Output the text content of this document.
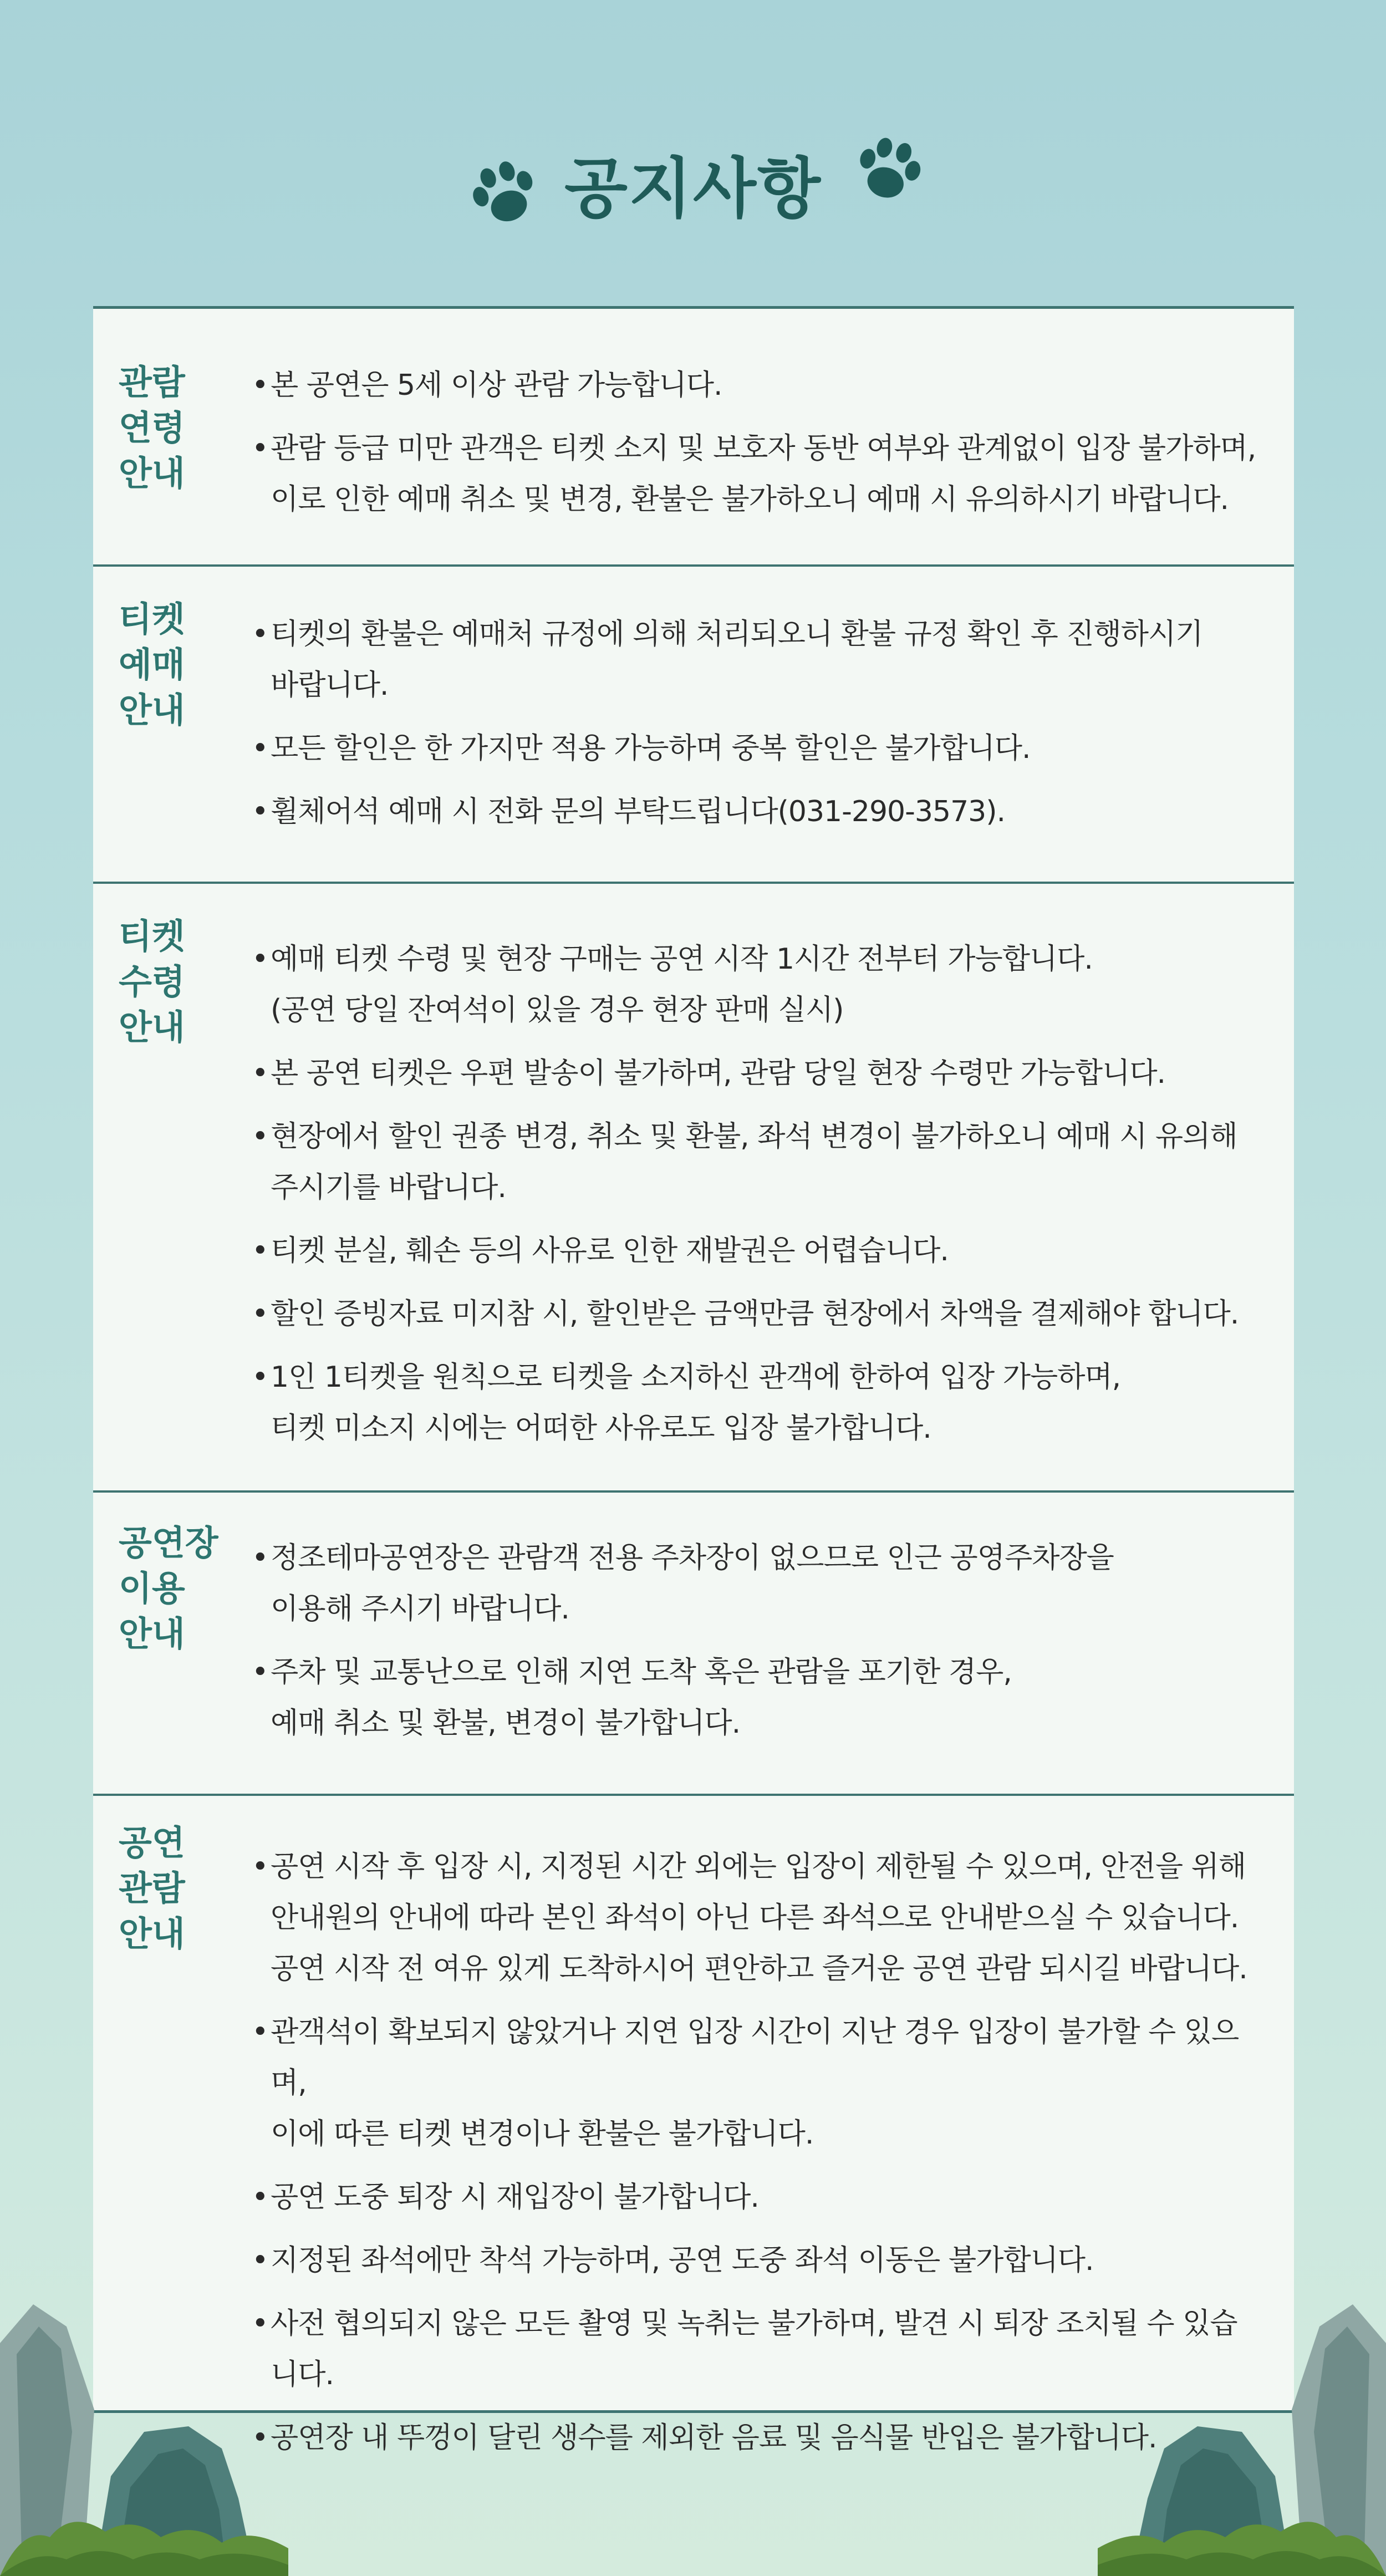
공지사항
관람
연령
안내
• 본 공연은 5세 이상 관람 가능합니다.
• 관람 등급 미만 관객은 티켓 소지 및 보호자 동반 여부와 관계없이 입장 불가하며,
이로 인한 예매 취소 및 변경, 환불은 불가하오니 예매 시 유의하시기 바랍니다.
티켓
예매
안내
• 티켓의 환불은 예매처 규정에 의해 처리되오니 환불 규정 확인 후 진행하시기
바랍니다.
• 모든 할인은 한 가지만 적용 가능하며 중복 할인은 불가합니다.
• 휠체어석 예매 시 전화 문의 부탁드립니다(031-290-3573).
티켓
수령
안내
• 예매 티켓 수령 및 현장 구매는 공연 시작 1시간 전부터 가능합니다.
(공연 당일 잔여석이 있을 경우 현장 판매 실시)
• 본 공연 티켓은 우편 발송이 불가하며, 관람 당일 현장 수령만 가능합니다.
• 현장에서 할인 권종 변경, 취소 및 환불, 좌석 변경이 불가하오니 예매 시 유의해
주시기를 바랍니다.
• 티켓 분실, 훼손 등의 사유로 인한 재발권은 어렵습니다.
• 할인 증빙자료 미지참 시, 할인받은 금액만큼 현장에서 차액을 결제해야 합니다.
• 1인 1티켓을 원칙으로 티켓을 소지하신 관객에 한하여 입장 가능하며,
티켓 미소지 시에는 어떠한 사유로도 입장 불가합니다.
공연장
이용
안내
• 정조테마공연장은 관람객 전용 주차장이 없으므로 인근 공영주차장을
이용해 주시기 바랍니다.
• 주차 및 교통난으로 인해 지연 도착 혹은 관람을 포기한 경우,
예매 취소 및 환불, 변경이 불가합니다.
공연
관람
안내
• 공연 시작 후 입장 시, 지정된 시간 외에는 입장이 제한될 수 있으며, 안전을 위해
안내원의 안내에 따라 본인 좌석이 아닌 다른 좌석으로 안내받으실 수 있습니다.
공연 시작 전 여유 있게 도착하시어 편안하고 즐거운 공연 관람 되시길 바랍니다.
• 관객석이 확보되지 않았거나 지연 입장 시간이 지난 경우 입장이 불가할 수 있으며,
이에 따른 티켓 변경이나 환불은 불가합니다.
• 공연 도중 퇴장 시 재입장이 불가합니다.
• 지정된 좌석에만 착석 가능하며, 공연 도중 좌석 이동은 불가합니다.
• 사전 협의되지 않은 모든 촬영 및 녹취는 불가하며, 발견 시 퇴장 조치될 수 있습니다.
• 공연장 내 뚜껑이 달린 생수를 제외한 음료 및 음식물 반입은 불가합니다.
